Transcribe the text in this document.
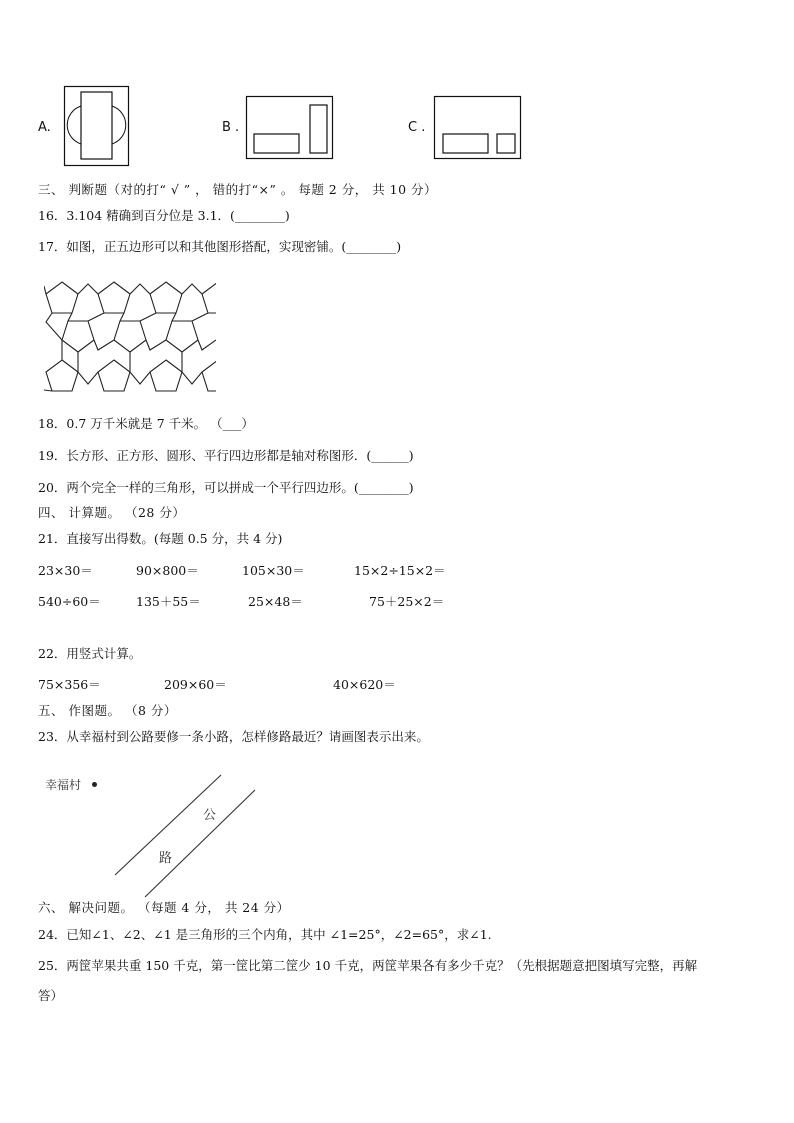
A.	B .	C .
三、 判断题（对的打“ √ ” ， 错的打“×” 。 每题 2 分， 共 10 分）
16．3.104 精确到百分位是 3.1．(________)
17．如图，正五边形可以和其他图形搭配，实现密铺。(________)
18．0.7 万千米就是 7 千米。 （___）
19．长方形、正方形、圆形、平行四边形都是轴对称图形．(______)
20．两个完全一样的三角形，可以拼成一个平行四边形。(________)
四、 计算题。 （28 分）
21．直接写出得数。(每题 0.5 分，共 4 分)
23×30＝	90×800＝	105×30＝	15×2÷15×2＝
540÷60＝	135＋55＝	25×48＝	75＋25×2＝
22．用竖式计算。
75×356＝	209×60＝	40×620＝
五、 作图题。 （8 分）
23．从幸福村到公路要修一条小路，怎样修路最近？请画图表示出来。
幸福村
公
路
六、 解决问题。 （每题 4 分， 共 24 分）
24．已知∠1、∠2、∠1 是三角形的三个内角，其中 ∠1=25°，∠2=65°，求∠1.
25．两筐苹果共重 150 千克，第一筐比第二筐少 10 千克，两筐苹果各有多少千克？（先根据题意把图填写完整，再解
答）
